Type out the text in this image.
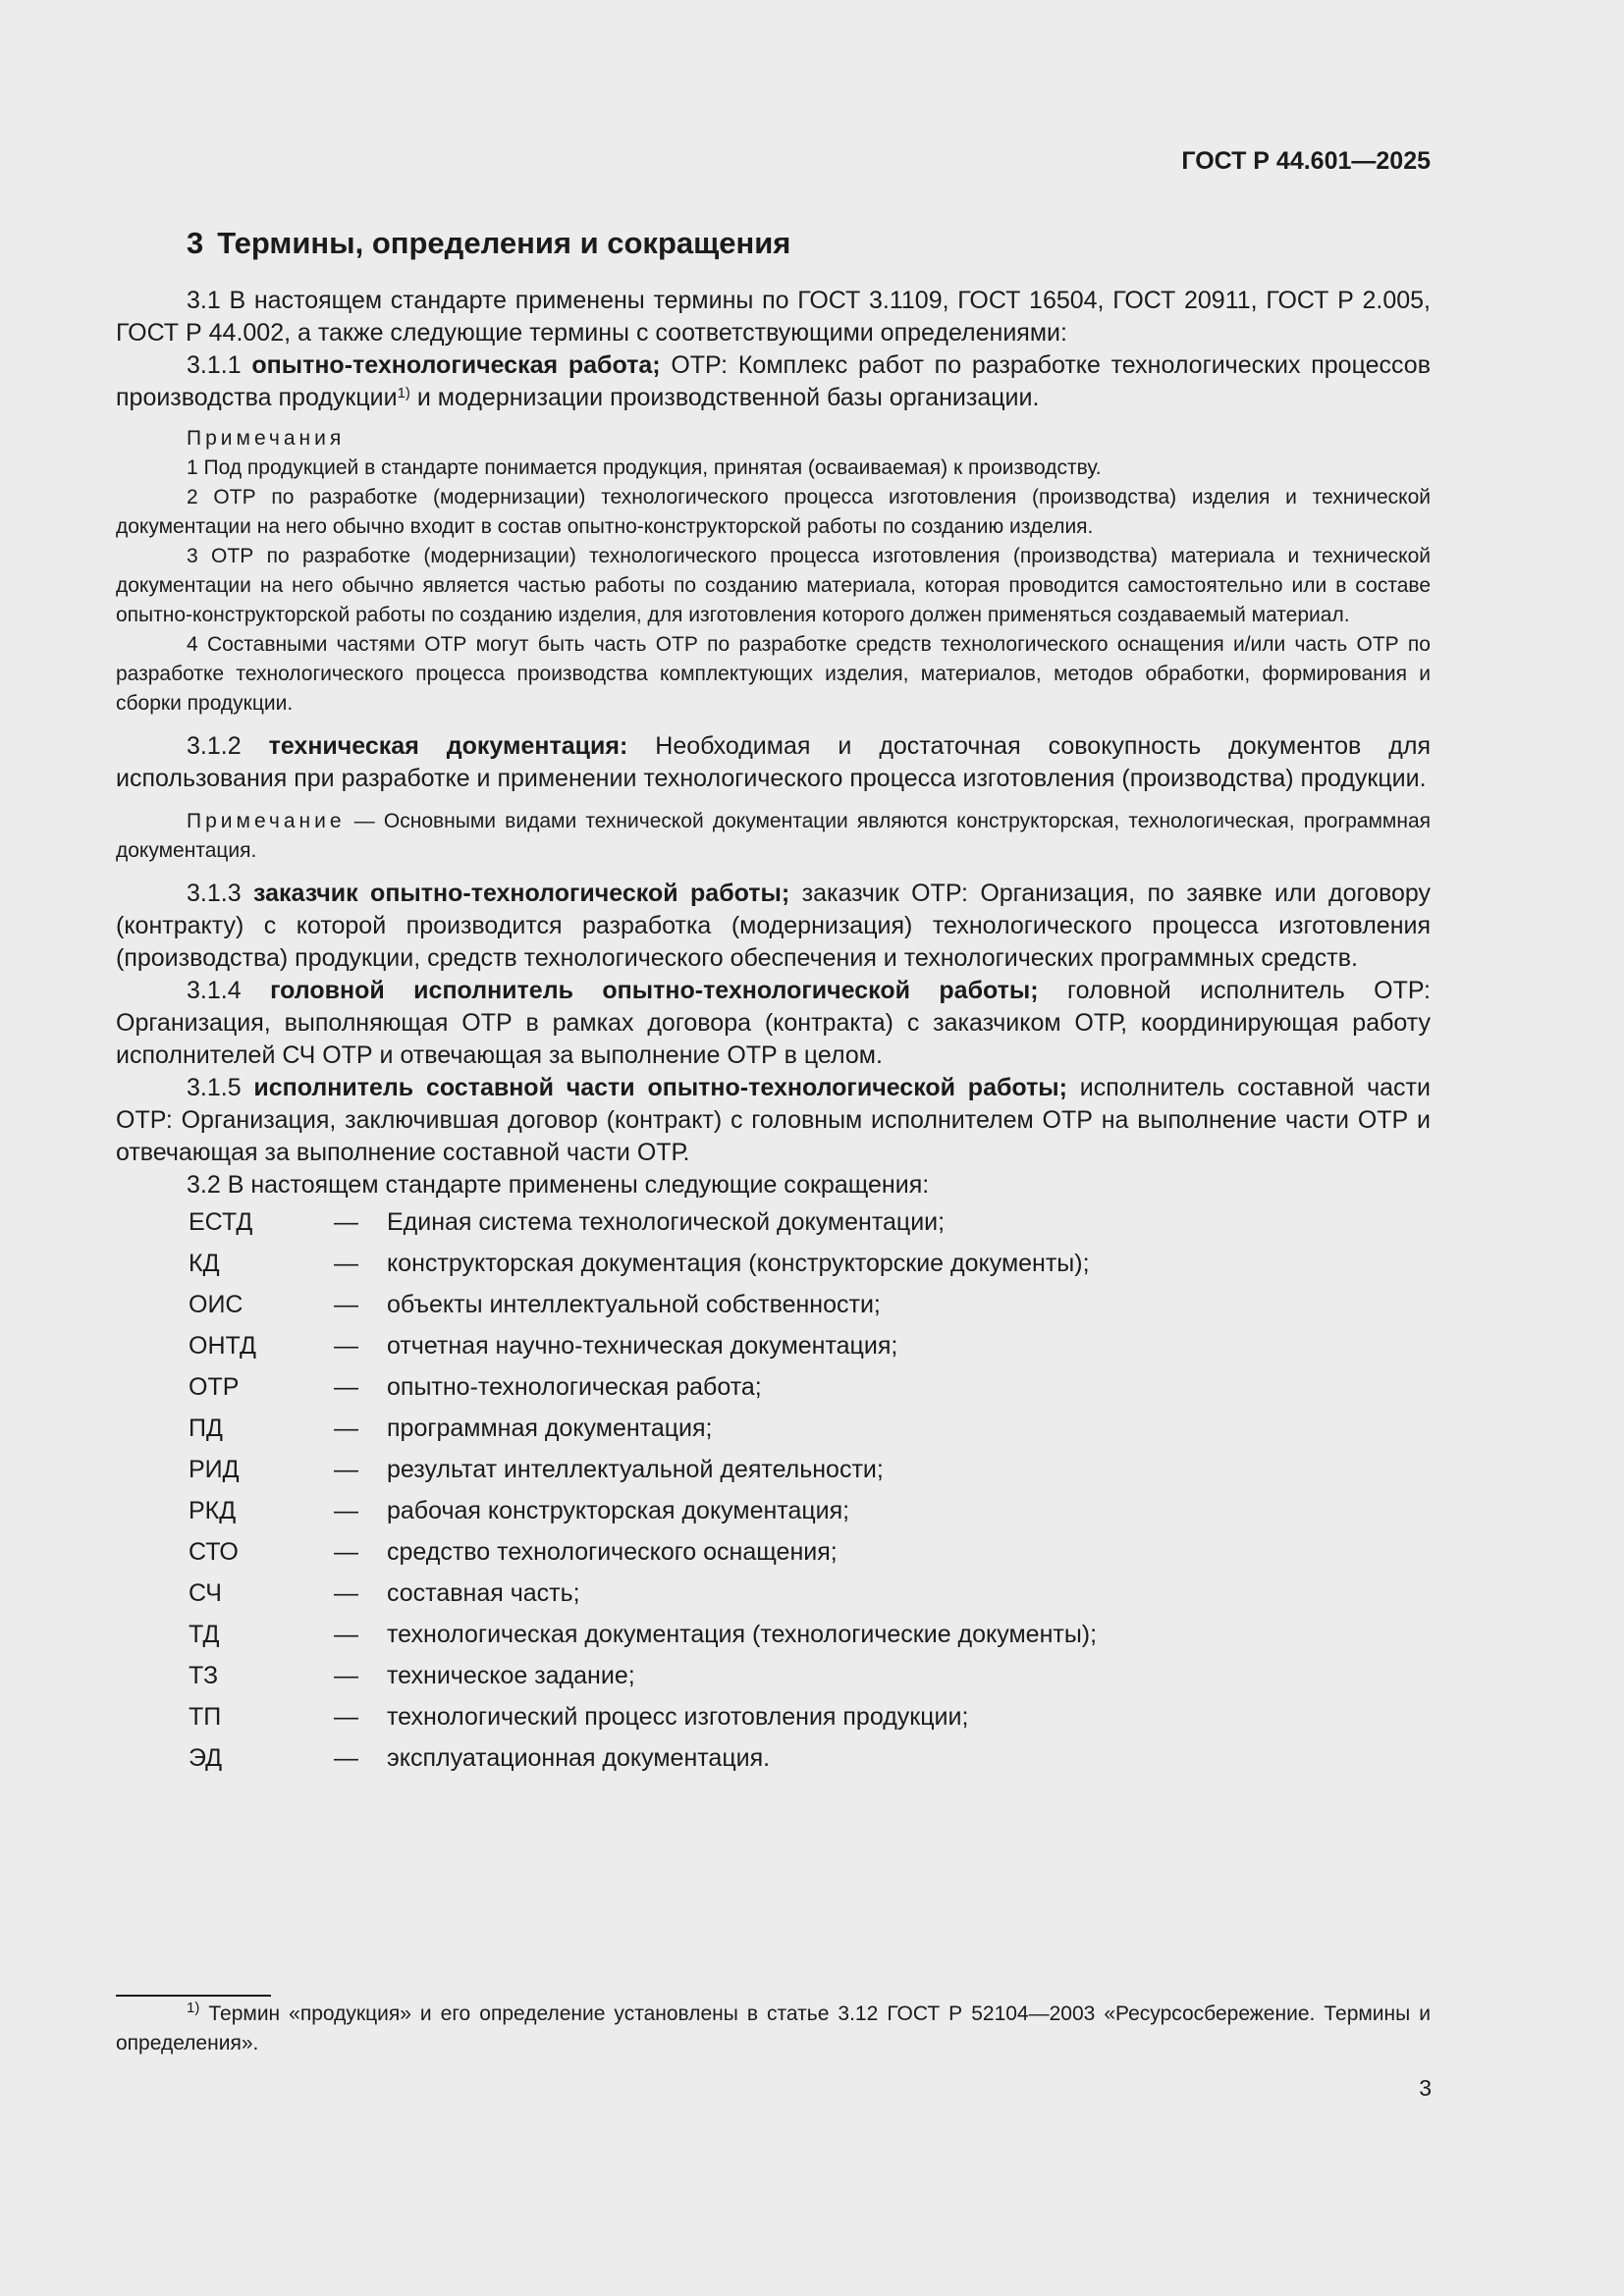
ГОСТ Р 44.601—2025
3 Термины, определения и сокращения

3.1 В настоящем стандарте применены термины по ГОСТ 3.1109, ГОСТ 16504, ГОСТ 20911, ГОСТ Р 2.005, ГОСТ Р 44.002, а также следующие термины с соответствующими определениями:

3.1.1 опытно-технологическая работа; ОТР: Комплекс работ по разработке технологических процессов производства продукции$^{1)}$ и модернизации производственной базы организации.

Примечания

1 Под продукцией в стандарте понимается продукция, принятая (осваиваемая) к производству.

2 ОТР по разработке (модернизации) технологического процесса изготовления (производства) изделия и технической документации на него обычно входит в состав опытно-конструкторской работы по созданию изделия.

3 ОТР по разработке (модернизации) технологического процесса изготовления (производства) материала и технической документации на него обычно является частью работы по созданию материала, которая проводится самостоятельно или в составе опытно-конструкторской работы по созданию изделия, для изготовления которого должен применяться создаваемый материал.

4 Составными частями ОТР могут быть часть ОТР по разработке средств технологического оснащения и/или часть ОТР по разработке технологического процесса производства комплектующих изделия, материалов, методов обработки, формирования и сборки продукции.

3.1.2 техническая документация: Необходимая и достаточная совокупность документов для использования при разработке и применении технологического процесса изготовления (производства) продукции.

Примечание — Основными видами технической документации являются конструкторская, технологическая, программная документация.

3.1.3 заказчик опытно-технологической работы; заказчик ОТР: Организация, по заявке или договору (контракту) с которой производится разработка (модернизация) технологического процесса изготовления (производства) продукции, средств технологического обеспечения и технологических программных средств.

3.1.4 головной исполнитель опытно-технологической работы; головной исполнитель ОТР: Организация, выполняющая ОТР в рамках договора (контракта) с заказчиком ОТР, координирующая работу исполнителей СЧ ОТР и отвечающая за выполнение ОТР в целом.

3.1.5 исполнитель составной части опытно-технологической работы; исполнитель составной части ОТР: Организация, заключившая договор (контракт) с головным исполнителем ОТР на выполнение части ОТР и отвечающая за выполнение составной части ОТР.

3.2 В настоящем стандарте применены следующие сокращения:

ЕСТД	—	Единая система технологической документации;
КД	—	конструкторская документация (конструкторские документы);
ОИС	—	объекты интеллектуальной собственности;
ОНТД	—	отчетная научно-техническая документация;
ОТР	—	опытно-технологическая работа;
ПД	—	программная документация;
РИД	—	результат интеллектуальной деятельности;
РКД	—	рабочая конструкторская документация;
СТО	—	средство технологического оснащения;
СЧ	—	составная часть;
ТД	—	технологическая документация (технологические документы);
ТЗ	—	техническое задание;
ТП	—	технологический процесс изготовления продукции;
ЭД	—	эксплуатационная документация.

$^{1)}$ Термин «продукция» и его определение установлены в статье 3.12 ГОСТ Р 52104—2003 «Ресурсосбережение. Термины и определения».

3
